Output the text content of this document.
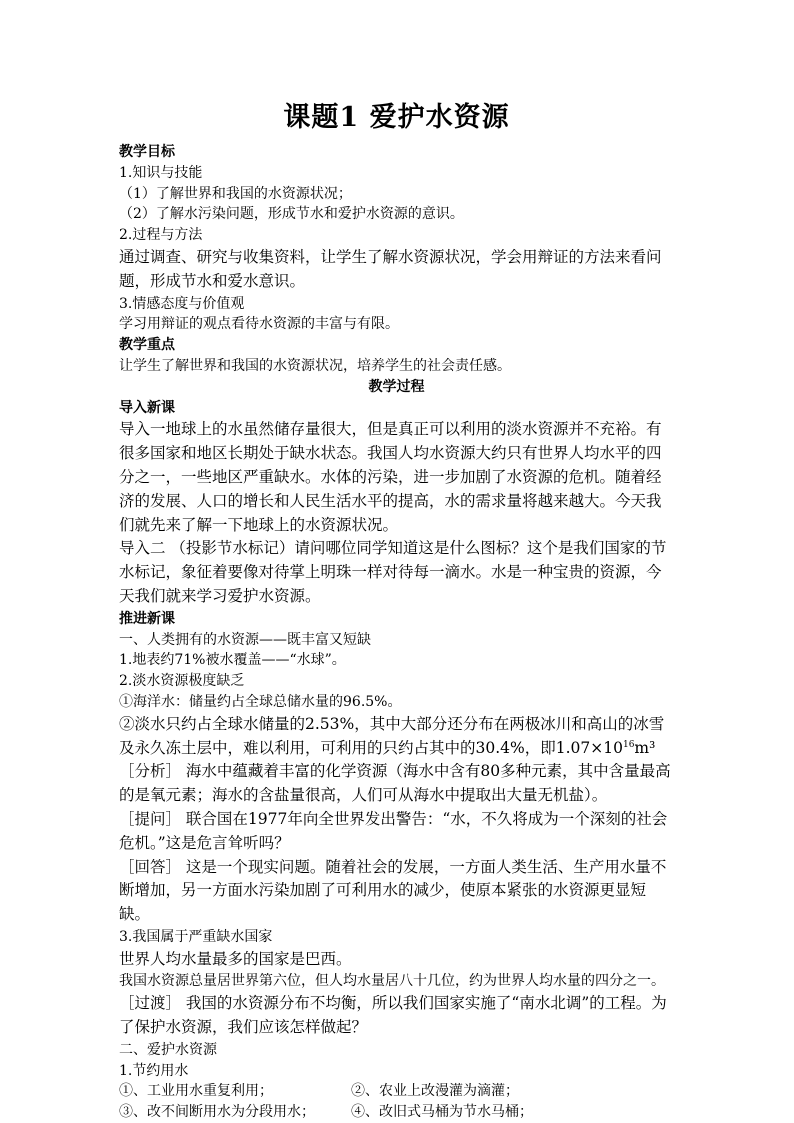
课题1 爱护水资源

教学目标

1.知识与技能

（1）了解世界和我国的水资源状况；

（2）了解水污染问题，形成节水和爱护水资源的意识。

2.过程与方法

通过调查、研究与收集资料，让学生了解水资源状况，学会用辩证的方法来看问题，形成节水和爱水意识。

3.情感态度与价值观

学习用辩证的观点看待水资源的丰富与有限。

教学重点

让学生了解世界和我国的水资源状况，培养学生的社会责任感。

教学过程

导入新课

导入一地球上的水虽然储存量很大，但是真正可以利用的淡水资源并不充裕。有很多国家和地区长期处于缺水状态。我国人均水资源大约只有世界人均水平的四分之一，一些地区严重缺水。水体的污染，进一步加剧了水资源的危机。随着经济的发展、人口的增长和人民生活水平的提高，水的需求量将越来越大。今天我们就先来了解一下地球上的水资源状况。

导入二 （投影节水标记）请问哪位同学知道这是什么图标？这个是我们国家的节水标记，象征着要像对待掌上明珠一样对待每一滴水。水是一种宝贵的资源，今天我们就来学习爱护水资源。

推进新课

一、人类拥有的水资源——既丰富又短缺

1.地表约71%被水覆盖——“水球”。

2.淡水资源极度缺乏

①海洋水：储量约占全球总储水量的96.5%。

②淡水只约占全球水储量的2.53%，其中大部分还分布在两极冰川和高山的冰雪及永久冻土层中，难以利用，可利用的只约占其中的30.4%，即$1.07\times 10^{16}m^3$

［分析］ 海水中蕴藏着丰富的化学资源（海水中含有80多种元素，其中含量最高的是氧元素；海水的含盐量很高，人们可从海水中提取出大量无机盐）。

［提问］ 联合国在1977年向全世界发出警告：“水，不久将成为一个深刻的社会危机。”这是危言耸听吗？

［回答］ 这是一个现实问题。随着社会的发展，一方面人类生活、生产用水量不断增加，另一方面水污染加剧了可利用水的减少，使原本紧张的水资源更显短缺。

3.我国属于严重缺水国家

世界人均水量最多的国家是巴西。

我国水资源总量居世界第六位，但人均水量居八十几位，约为世界人均水量的四分之一。

［过渡］ 我国的水资源分布不均衡，所以我们国家实施了“南水北调”的工程。为了保护水资源，我们应该怎样做起？

二、爱护水资源

1.节约用水

①、工业用水重复利用；	②、农业上改漫灌为滴灌；
③、改不间断用水为分段用水；	④、改旧式马桶为节水马桶；
